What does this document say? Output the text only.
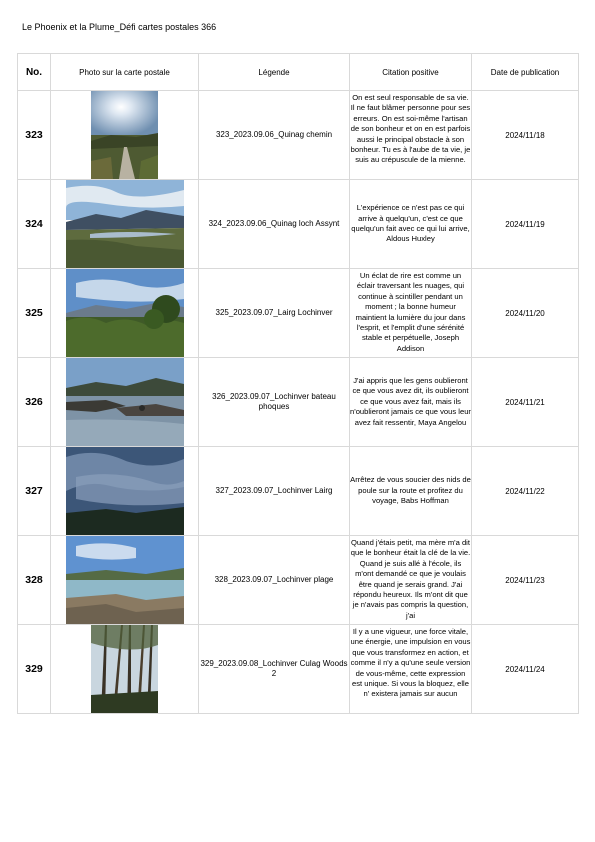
Le Phoenix et la Plume_Défi cartes postales 366
No.	Photo sur la carte postale	Légende	Citation positive	Date de publication
323		323_2023.09.06_Quinag chemin	On est seul responsable de sa vie. Il ne faut blâmer personne pour ses erreurs. On est soi-même l'artisan de son bonheur et on en est parfois aussi le principal obstacle à son bonheur. Tu es à l'aube de ta vie, je suis au crépuscule de la mienne.	2024/11/18
324		324_2023.09.06_Quinag loch Assynt	L'expérience ce n'est pas ce qui arrive à quelqu'un, c'est ce que quelqu'un fait avec ce qui lui arrive, Aldous Huxley	2024/11/19
325		325_2023.09.07_Lairg Lochinver	Un éclat de rire est comme un éclair traversant les nuages, qui continue à scintiller pendant un moment ; la bonne humeur maintient la lumière du jour dans l'esprit, et l'emplit d'une sérénité stable et perpétuelle, Joseph Addison	2024/11/20
326		326_2023.09.07_Lochinver bateau phoques	J'ai appris que les gens oublieront ce que vous avez dit, ils oublieront ce que vous avez fait, mais ils n'oublieront jamais ce que vous leur avez fait ressentir, Maya Angelou	2024/11/21
327		327_2023.09.07_Lochinver Lairg	Arrêtez de vous soucier des nids de poule sur la route et profitez du voyage, Babs Hoffman	2024/11/22
328		328_2023.09.07_Lochinver plage	Quand j'étais petit, ma mère m'a dit que le bonheur était la clé de la vie. Quand je suis allé à l'école, ils m'ont demandé ce que je voulais être quand je serais grand. J'ai répondu heureux. Ils m'ont dit que je n'avais pas compris la question, j'ai	2024/11/23
329		329_2023.09.08_Lochinver Culag Woods 2	Il y a une vigueur, une force vitale, une énergie, une impulsion en vous que vous transformez en action, et comme il n'y a qu'une seule version de vous-même, cette expression est unique. Si vous la bloquez, elle n' existera jamais sur aucun	2024/11/24
